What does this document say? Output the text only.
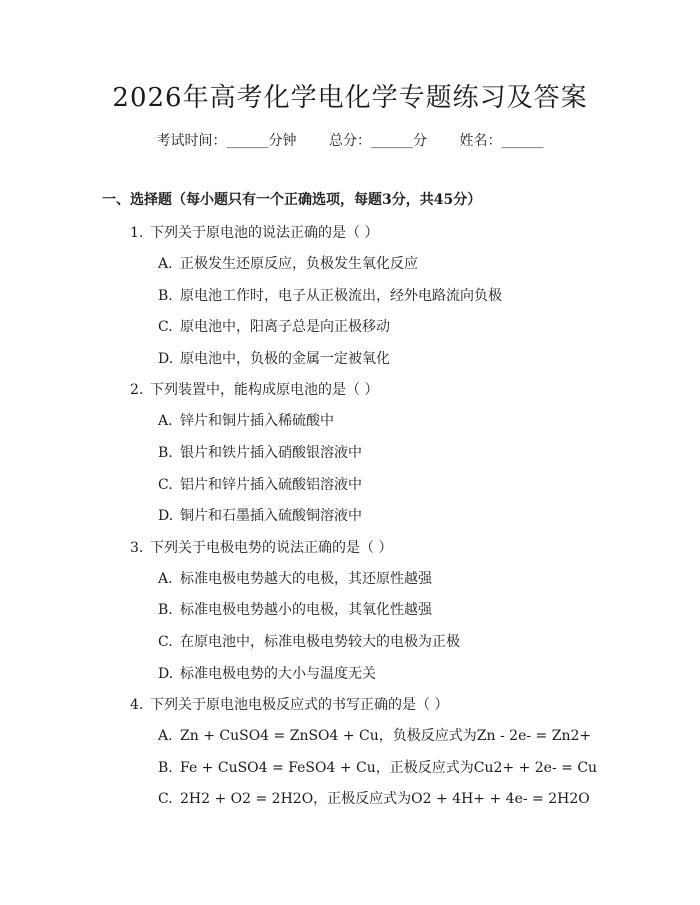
2026年高考化学电化学专题练习及答案
考试时间：______分钟 总分：______分 姓名：______
一、选择题（每小题只有一个正确选项，每题3分，共45分）
1. 下列关于原电池的说法正确的是（ ）
A. 正极发生还原反应，负极发生氧化反应
B. 原电池工作时，电子从正极流出，经外电路流向负极
C. 原电池中，阳离子总是向正极移动
D. 原电池中，负极的金属一定被氧化
2. 下列装置中，能构成原电池的是（ ）
A. 锌片和铜片插入稀硫酸中
B. 银片和铁片插入硝酸银溶液中
C. 铝片和锌片插入硫酸铝溶液中
D. 铜片和石墨插入硫酸铜溶液中
3. 下列关于电极电势的说法正确的是（ ）
A. 标准电极电势越大的电极，其还原性越强
B. 标准电极电势越小的电极，其氧化性越强
C. 在原电池中，标准电极电势较大的电极为正极
D. 标准电极电势的大小与温度无关
4. 下列关于原电池电极反应式的书写正确的是（ ）
A. Zn + CuSO4 = ZnSO4 + Cu，负极反应式为Zn - 2e- = Zn2+
B. Fe + CuSO4 = FeSO4 + Cu，正极反应式为Cu2+ + 2e- = Cu
C. 2H2 + O2 = 2H2O，正极反应式为O2 + 4H+ + 4e- = 2H2O
